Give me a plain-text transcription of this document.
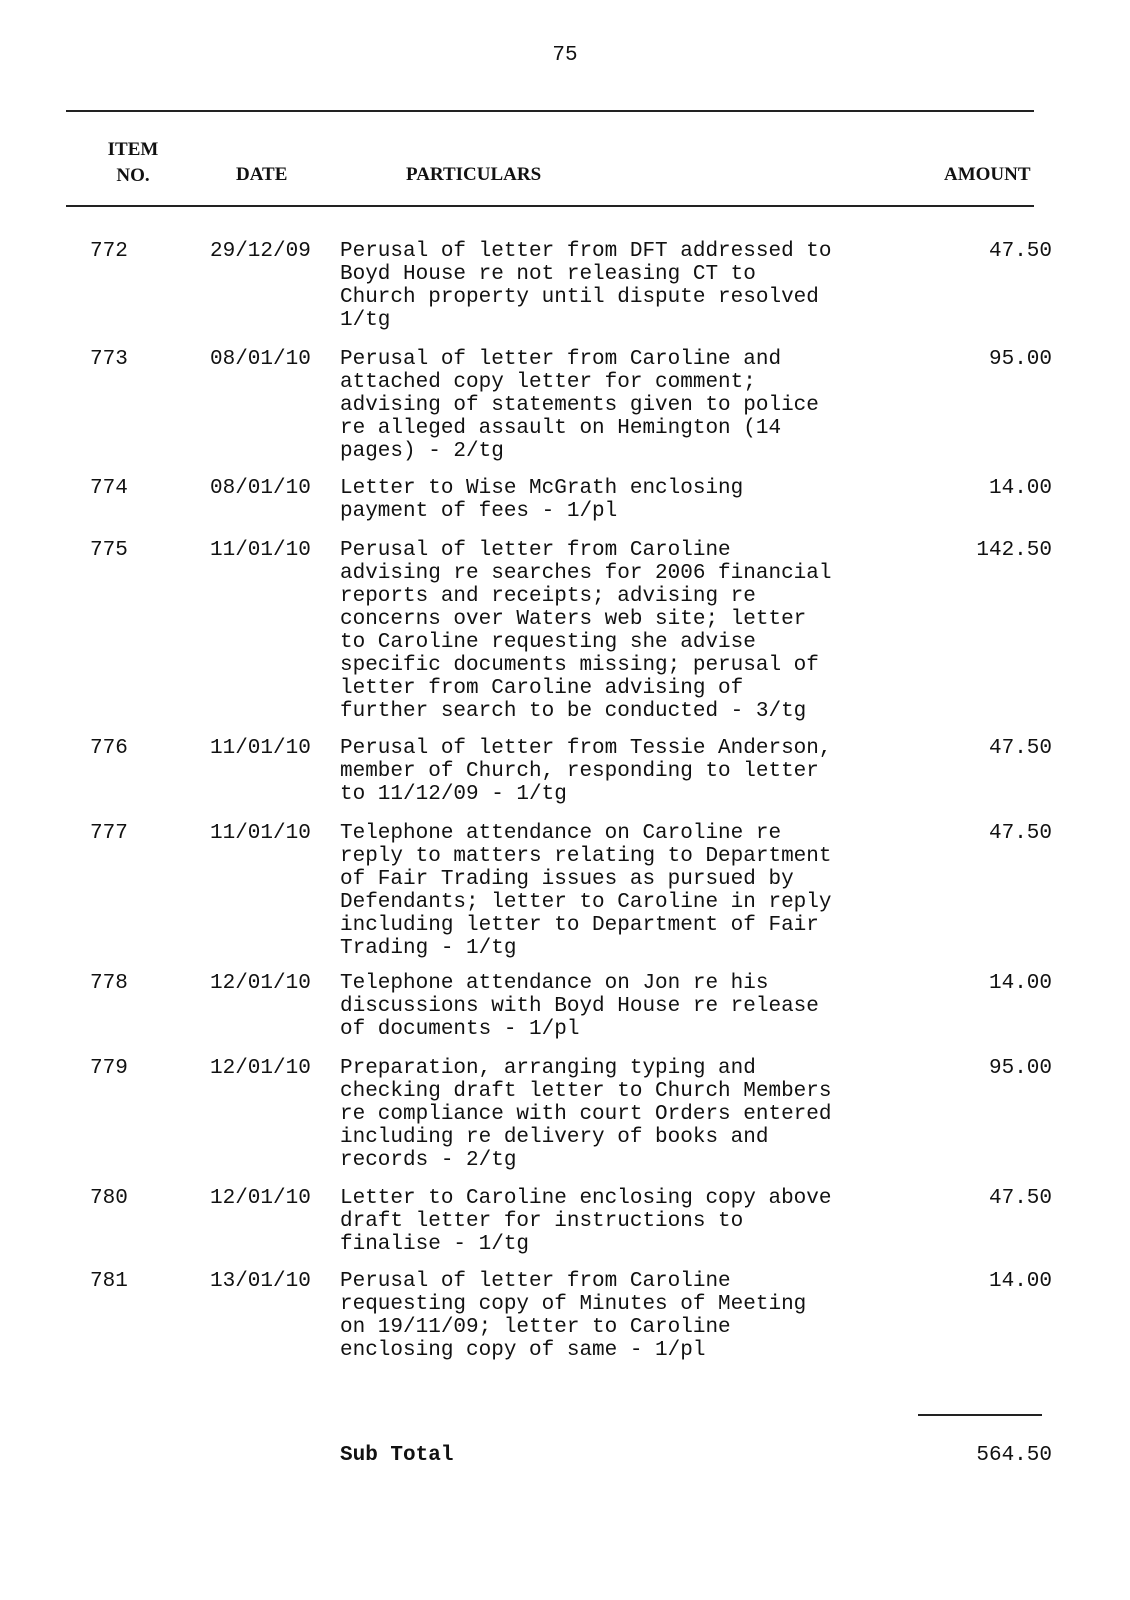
75
ITEM
NO.	DATE	PARTICULARS	AMOUNT
772	29/12/09 Perusal of letter from DFT addressed to
Boyd House re not releasing CT to
Church property until dispute resolved
1/tg
47.50
773	08/01/10 Perusal of letter from Caroline and
attached copy letter for comment;
advising of statements given to police
re alleged assault on Hemington (14
pages) - 2/tg
95.00
774	08/01/10 Letter to Wise McGrath enclosing
payment of fees - 1/pl
14.00
775	11/01/10 Perusal of letter from Caroline
advising re searches for 2006 financial
reports and receipts; advising re
concerns over Waters web site; letter
to Caroline requesting she advise
specific documents missing; perusal of
letter from Caroline advising of
further search to be conducted - 3/tg
142.50
776	11/01/10 Perusal of letter from Tessie Anderson,
member of Church, responding to letter
to 11/12/09 - 1/tg
47.50
777	11/01/10 Telephone attendance on Caroline re
reply to matters relating to Department
of Fair Trading issues as pursued by
Defendants; letter to Caroline in reply
including letter to Department of Fair
Trading - 1/tg
47.50
778	12/01/10 Telephone attendance on Jon re his
discussions with Boyd House re release
of documents - 1/pl
14.00
779	12/01/10 Preparation, arranging typing and
checking draft letter to Church Members
re compliance with court Orders entered
including re delivery of books and
records - 2/tg
95.00
780	12/01/10 Letter to Caroline enclosing copy above
draft letter for instructions to
finalise - 1/tg
47.50
781	13/01/10 Perusal of letter from Caroline
requesting copy of Minutes of Meeting
on 19/11/09; letter to Caroline
enclosing copy of same - 1/pl
14.00
Sub Total	564.50
